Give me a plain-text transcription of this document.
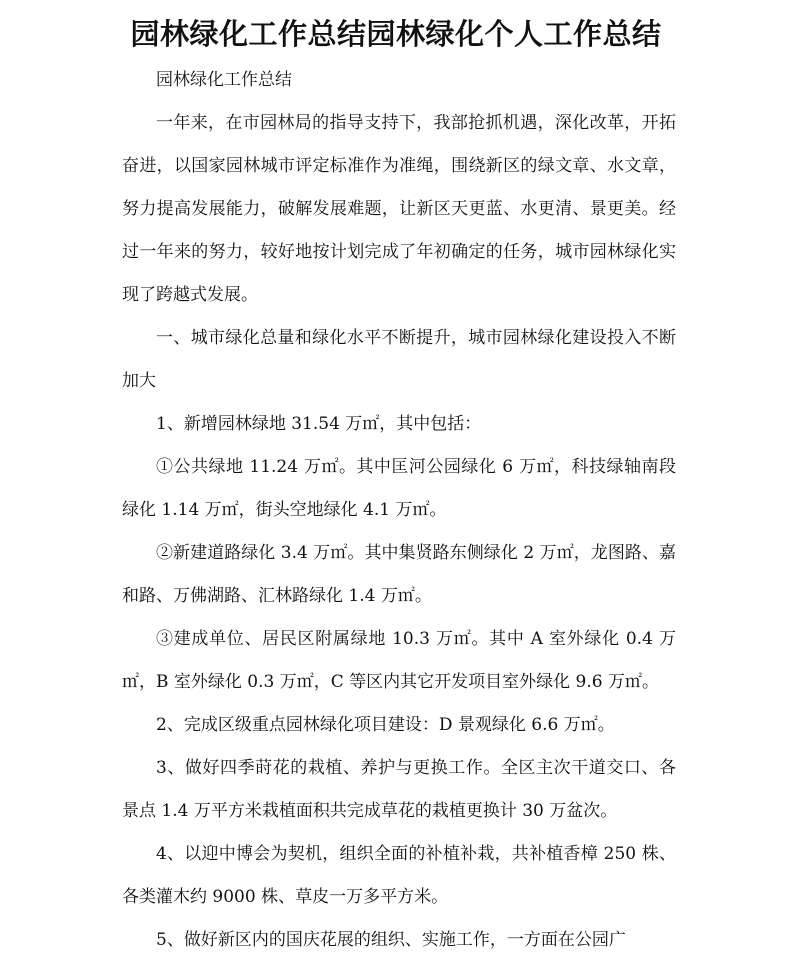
园林绿化工作总结园林绿化个人工作总结

园林绿化工作总结

一年来，在市园林局的指导支持下，我部抢抓机遇，深化改革，开拓奋进，以国家园林城市评定标准作为准绳，围绕新区的绿文章、水文章，努力提高发展能力，破解发展难题，让新区天更蓝、水更清、景更美。经过一年来的努力，较好地按计划完成了年初确定的任务，城市园林绿化实现了跨越式发展。

一、城市绿化总量和绿化水平不断提升，城市园林绿化建设投入不断加大

1、新增园林绿地 31.54 万㎡，其中包括：

①公共绿地 11.24 万㎡。其中匡河公园绿化 6 万㎡，科技绿轴南段绿化 1.14 万㎡，街头空地绿化 4.1 万㎡。

②新建道路绿化 3.4 万㎡。其中集贤路东侧绿化 2 万㎡，龙图路、嘉和路、万佛湖路、汇林路绿化 1.4 万㎡。

③建成单位、居民区附属绿地 10.3 万㎡。其中 A 室外绿化 0.4 万㎡，B 室外绿化 0.3 万㎡，C 等区内其它开发项目室外绿化 9.6 万㎡。

2、完成区级重点园林绿化项目建设：D 景观绿化 6.6 万㎡。

3、做好四季莳花的栽植、养护与更换工作。全区主次干道交口、各景点 1.4 万平方米栽植面积共完成草花的栽植更换计 30 万盆次。

4、以迎中博会为契机，组织全面的补植补栽，共补植香樟 250 株、各类灌木约 9000 株、草皮一万多平方米。

5、做好新区内的国庆花展的组织、实施工作，一方面在公园广
